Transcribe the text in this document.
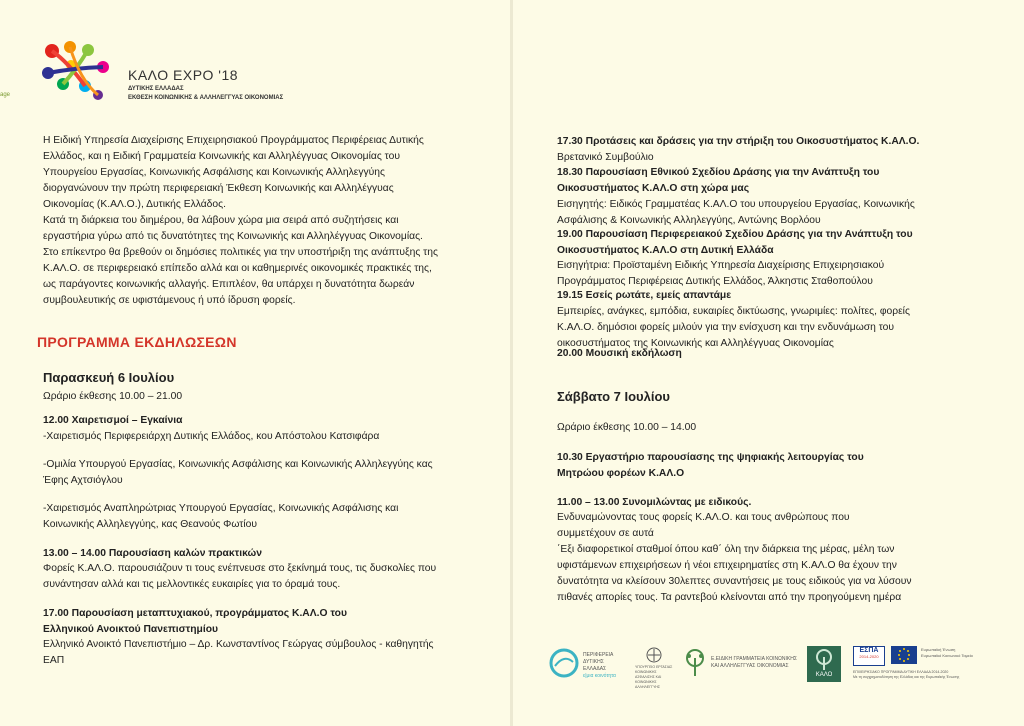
ΚΑΛΟ EXPO '18
ΔΥΤΙΚΗΣ ΕΛΛΑΔΑΣ
ΕΚΘΕΣΗ ΚΟΙΝΩΝΙΚΗΣ & ΑΛΛΗΛΕΓΓΥΑΣ ΟΙΚΟΝΟΜΙΑΣ
age
Η Ειδική Υπηρεσία Διαχείρισης Επιχειρησιακού Προγράμματος Περιφέρειας Δυτικής
Ελλάδος, και η Ειδική Γραμματεία Κοινωνικής και Αλληλέγγυας Οικονομίας του
Υπουργείου Εργασίας, Κοινωνικής Ασφάλισης και Κοινωνικής Αλληλεγγύης
διοργανώνουν την πρώτη περιφερειακή Έκθεση Κοινωνικής και Αλληλέγγυας
Οικονομίας (Κ.ΑΛ.Ο.), Δυτικής Ελλάδος.
Κατά τη διάρκεια του διημέρου, θα λάβουν χώρα μια σειρά από συζητήσεις και
εργαστήρια γύρω από τις δυνατότητες της Κοινωνικής και Αλληλέγγυας Οικονομίας.
Στο επίκεντρο θα βρεθούν οι δημόσιες πολιτικές για την υποστήριξη της ανάπτυξης της
Κ.ΑΛ.Ο. σε περιφερειακό επίπεδο αλλά και οι καθημερινές οικονομικές πρακτικές της,
ως παράγοντες κοινωνικής αλλαγής. Επιπλέον, θα υπάρχει η δυνατότητα δωρεάν
συμβουλευτικής σε υφιστάμενους ή υπό ίδρυση φορείς.
ΠΡΟΓΡΑΜΜΑ ΕΚΔΗΛΩΣΕΩΝ
Παρασκευή 6 Ιουλίου
Ωράριο έκθεσης 10.00 – 21.00
12.00 Χαιρετισμοί – Εγκαίνια
-Χαιρετισμός Περιφερειάρχη Δυτικής Ελλάδος, κου Απόστολου Κατσιφάρα
-Ομιλία Υπουργού Εργασίας, Κοινωνικής Ασφάλισης και Κοινωνικής Αλληλεγγύης κας
Έφης Αχτσιόγλου
-Χαιρετισμός Αναπληρώτριας Υπουργού Εργασίας, Κοινωνικής Ασφάλισης και
Κοινωνικής Αλληλεγγύης, κας Θεανούς Φωτίου
13.00 – 14.00 Παρουσίαση καλών πρακτικών
Φορείς Κ.ΑΛ.Ο. παρουσιάζουν τι τους ενέπνευσε στο ξεκίνημά τους, τις δυσκολίες που
συνάντησαν αλλά και τις μελλοντικές ευκαιρίες για το όραμά τους.
17.00 Παρουσίαση μεταπτυχιακού, προγράμματος Κ.ΑΛ.Ο του
Ελληνικού Ανοικτού Πανεπιστημίου
Ελληνικό Ανοικτό Πανεπιστήμιο – Δρ. Κωνσταντίνος Γεώργας σύμβουλος - καθηγητής
ΕΑΠ
17.30 Προτάσεις και δράσεις για την στήριξη του Οικοσυστήματος Κ.ΑΛ.Ο.
Βρετανικό Συμβούλιο
18.30 Παρουσίαση Εθνικού Σχεδίου Δράσης για την Ανάπτυξη του
Οικοσυστήματος Κ.ΑΛ.Ο στη χώρα μας
Εισηγητής: Ειδικός Γραμματέας Κ.ΑΛ.Ο του υπουργείου Εργασίας, Κοινωνικής
Ασφάλισης & Κοινωνικής Αλληλεγγύης, Αντώνης Βορλόου
19.00 Παρουσίαση Περιφερειακού Σχεδίου Δράσης για την Ανάπτυξη του
Οικοσυστήματος Κ.ΑΛ.Ο στη Δυτική Ελλάδα
Εισηγήτρια: Προϊσταμένη Ειδικής Υπηρεσία Διαχείρισης Επιχειρησιακού
Προγράμματος Περιφέρειας Δυτικής Ελλάδος, Άλκηστις Σταθοπούλου
19.15 Εσείς ρωτάτε, εμείς απαντάμε
Εμπειρίες, ανάγκες, εμπόδια, ευκαιρίες δικτύωσης, γνωριμίες: πολίτες, φορείς
Κ.ΑΛ.Ο. δημόσιοι φορείς μιλούν για την ενίσχυση και την ενδυνάμωση του
οικοσυστήματος της Κοινωνικής και Αλληλέγγυας Οικονομίας
20.00 Μουσική εκδήλωση
Σάββατο 7 Ιουλίου
Ωράριο έκθεσης 10.00 – 14.00
10.30 Εργαστήριο παρουσίασης της ψηφιακής λειτουργίας του
Μητρώου φορέων Κ.ΑΛ.Ο
11.00 – 13.00 Συνομιλώντας με ειδικούς.
Ενδυναμώνοντας τους φορείς Κ.ΑΛ.Ο. και τους ανθρώπους που
συμμετέχουν σε αυτά
΄Εξι διαφορετικοί σταθμοί όπου καθ΄ όλη την διάρκεια της μέρας, μέλη των
υφιστάμενων επιχειρήσεων ή νέοι επιχειρηματίες στη Κ.ΑΛ.Ο θα έχουν την
δυνατότητα να κλείσουν 30λεπτες συναντήσεις με τους ειδικούς για να λύσουν
πιθανές απορίες τους. Τα ραντεβού κλείνονται από την προηγούμενη ημέρα
ΠΕΡΙΦΕΡΕΙΑ
ΔΥΤΙΚΗΣ
ΕΛΛΑΔΑΣ
ε|μια κοινότητα
ΥΠΟΥΡΓΕΙΟ ΕΡΓΑΣΙΑΣ ΚΟΙΝΩΝΙΚΗΣ ΑΣΦΑΛΙΣΗΣ ΚΑΙ ΚΟΙΝΩΝΙΚΗΣ ΑΛΛΗΛΕΓΓΥΗΣ
Ε.ΕΙΔΙΚΗ ΓΡΑΜΜΑΤΕΙΑ ΚΟΙΝΩΝΙΚΗΣ
ΚΑΙ ΑΛΛΗΛΕΓΓΥΑΣ ΟΙΚΟΝΟΜΙΑΣ
ΚΑΛΟ
ΕΣΠΑ
2014-2020
Ευρωπαϊκή Ένωση
Ευρωπαϊκό Κοινωνικό Ταμείο
ΕΠΙΧΕΙΡΗΣΙΑΚΟ ΠΡΟΓΡΑΜΜΑ ΔΥΤΙΚΗ ΕΛΛΑΔΑ 2014-2020
Με τη συγχρηματοδότηση της Ελλάδας και της Ευρωπαϊκής Ένωσης
